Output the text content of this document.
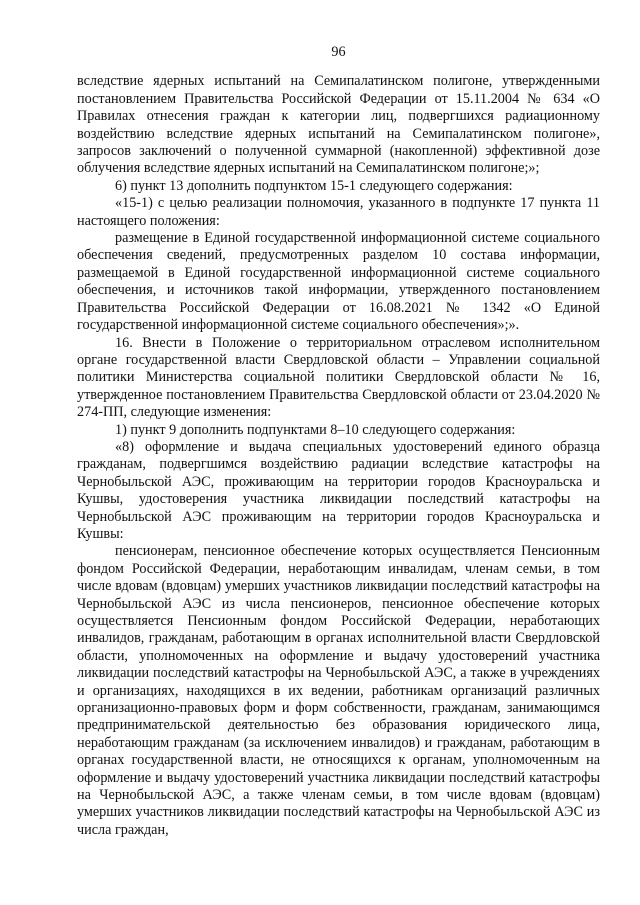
96

вследствие ядерных испытаний на Семипалатинском полигоне, утвержденными постановлением Правительства Российской Федерации от 15.11.2004 № 634 «О Правилах отнесения граждан к категории лиц, подвергшихся радиационному воздействию вследствие ядерных испытаний на Семипалатинском полигоне», запросов заключений о полученной суммарной (накопленной) эффективной дозе облучения вследствие ядерных испытаний на Семипалатинском полигоне;»;

6) пункт 13 дополнить подпунктом 15-1 следующего содержания:

«15-1) с целью реализации полномочия, указанного в подпункте 17 пункта 11 настоящего положения:

размещение в Единой государственной информационной системе социального обеспечения сведений, предусмотренных разделом 10 состава информации, размещаемой в Единой государственной информационной системе социального обеспечения, и источников такой информации, утвержденного постановлением Правительства Российской Федерации от 16.08.2021 № 1342 «О Единой государственной информационной системе социального обеспечения»;».

16. Внести в Положение о территориальном отраслевом исполнительном органе государственной власти Свердловской области – Управлении социальной политики Министерства социальной политики Свердловской области № 16, утвержденное постановлением Правительства Свердловской области от 23.04.2020 № 274-ПП, следующие изменения:

1) пункт 9 дополнить подпунктами 8–10 следующего содержания:

«8) оформление и выдача специальных удостоверений единого образца гражданам, подвергшимся воздействию радиации вследствие катастрофы на Чернобыльской АЭС, проживающим на территории городов Красноуральска и Кушвы, удостоверения участника ликвидации последствий катастрофы на Чернобыльской АЭС проживающим на территории городов Красноуральска и Кушвы:

пенсионерам, пенсионное обеспечение которых осуществляется Пенсионным фондом Российской Федерации, неработающим инвалидам, членам семьи, в том числе вдовам (вдовцам) умерших участников ликвидации последствий катастрофы на Чернобыльской АЭС из числа пенсионеров, пенсионное обеспечение которых осуществляется Пенсионным фондом Российской Федерации, неработающих инвалидов, гражданам, работающим в органах исполнительной власти Свердловской области, уполномоченных на оформление и выдачу удостоверений участника ликвидации последствий катастрофы на Чернобыльской АЭС, а также в учреждениях и организациях, находящихся в их ведении, работникам организаций различных организационно-правовых форм и форм собственности, гражданам, занимающимся предпринимательской деятельностью без образования юридического лица, неработающим гражданам (за исключением инвалидов) и гражданам, работающим в органах государственной власти, не относящихся к органам, уполномоченным на оформление и выдачу удостоверений участника ликвидации последствий катастрофы на Чернобыльской АЭС, а также членам семьи, в том числе вдовам (вдовцам) умерших участников ликвидации последствий катастрофы на Чернобыльской АЭС из числа граждан,
